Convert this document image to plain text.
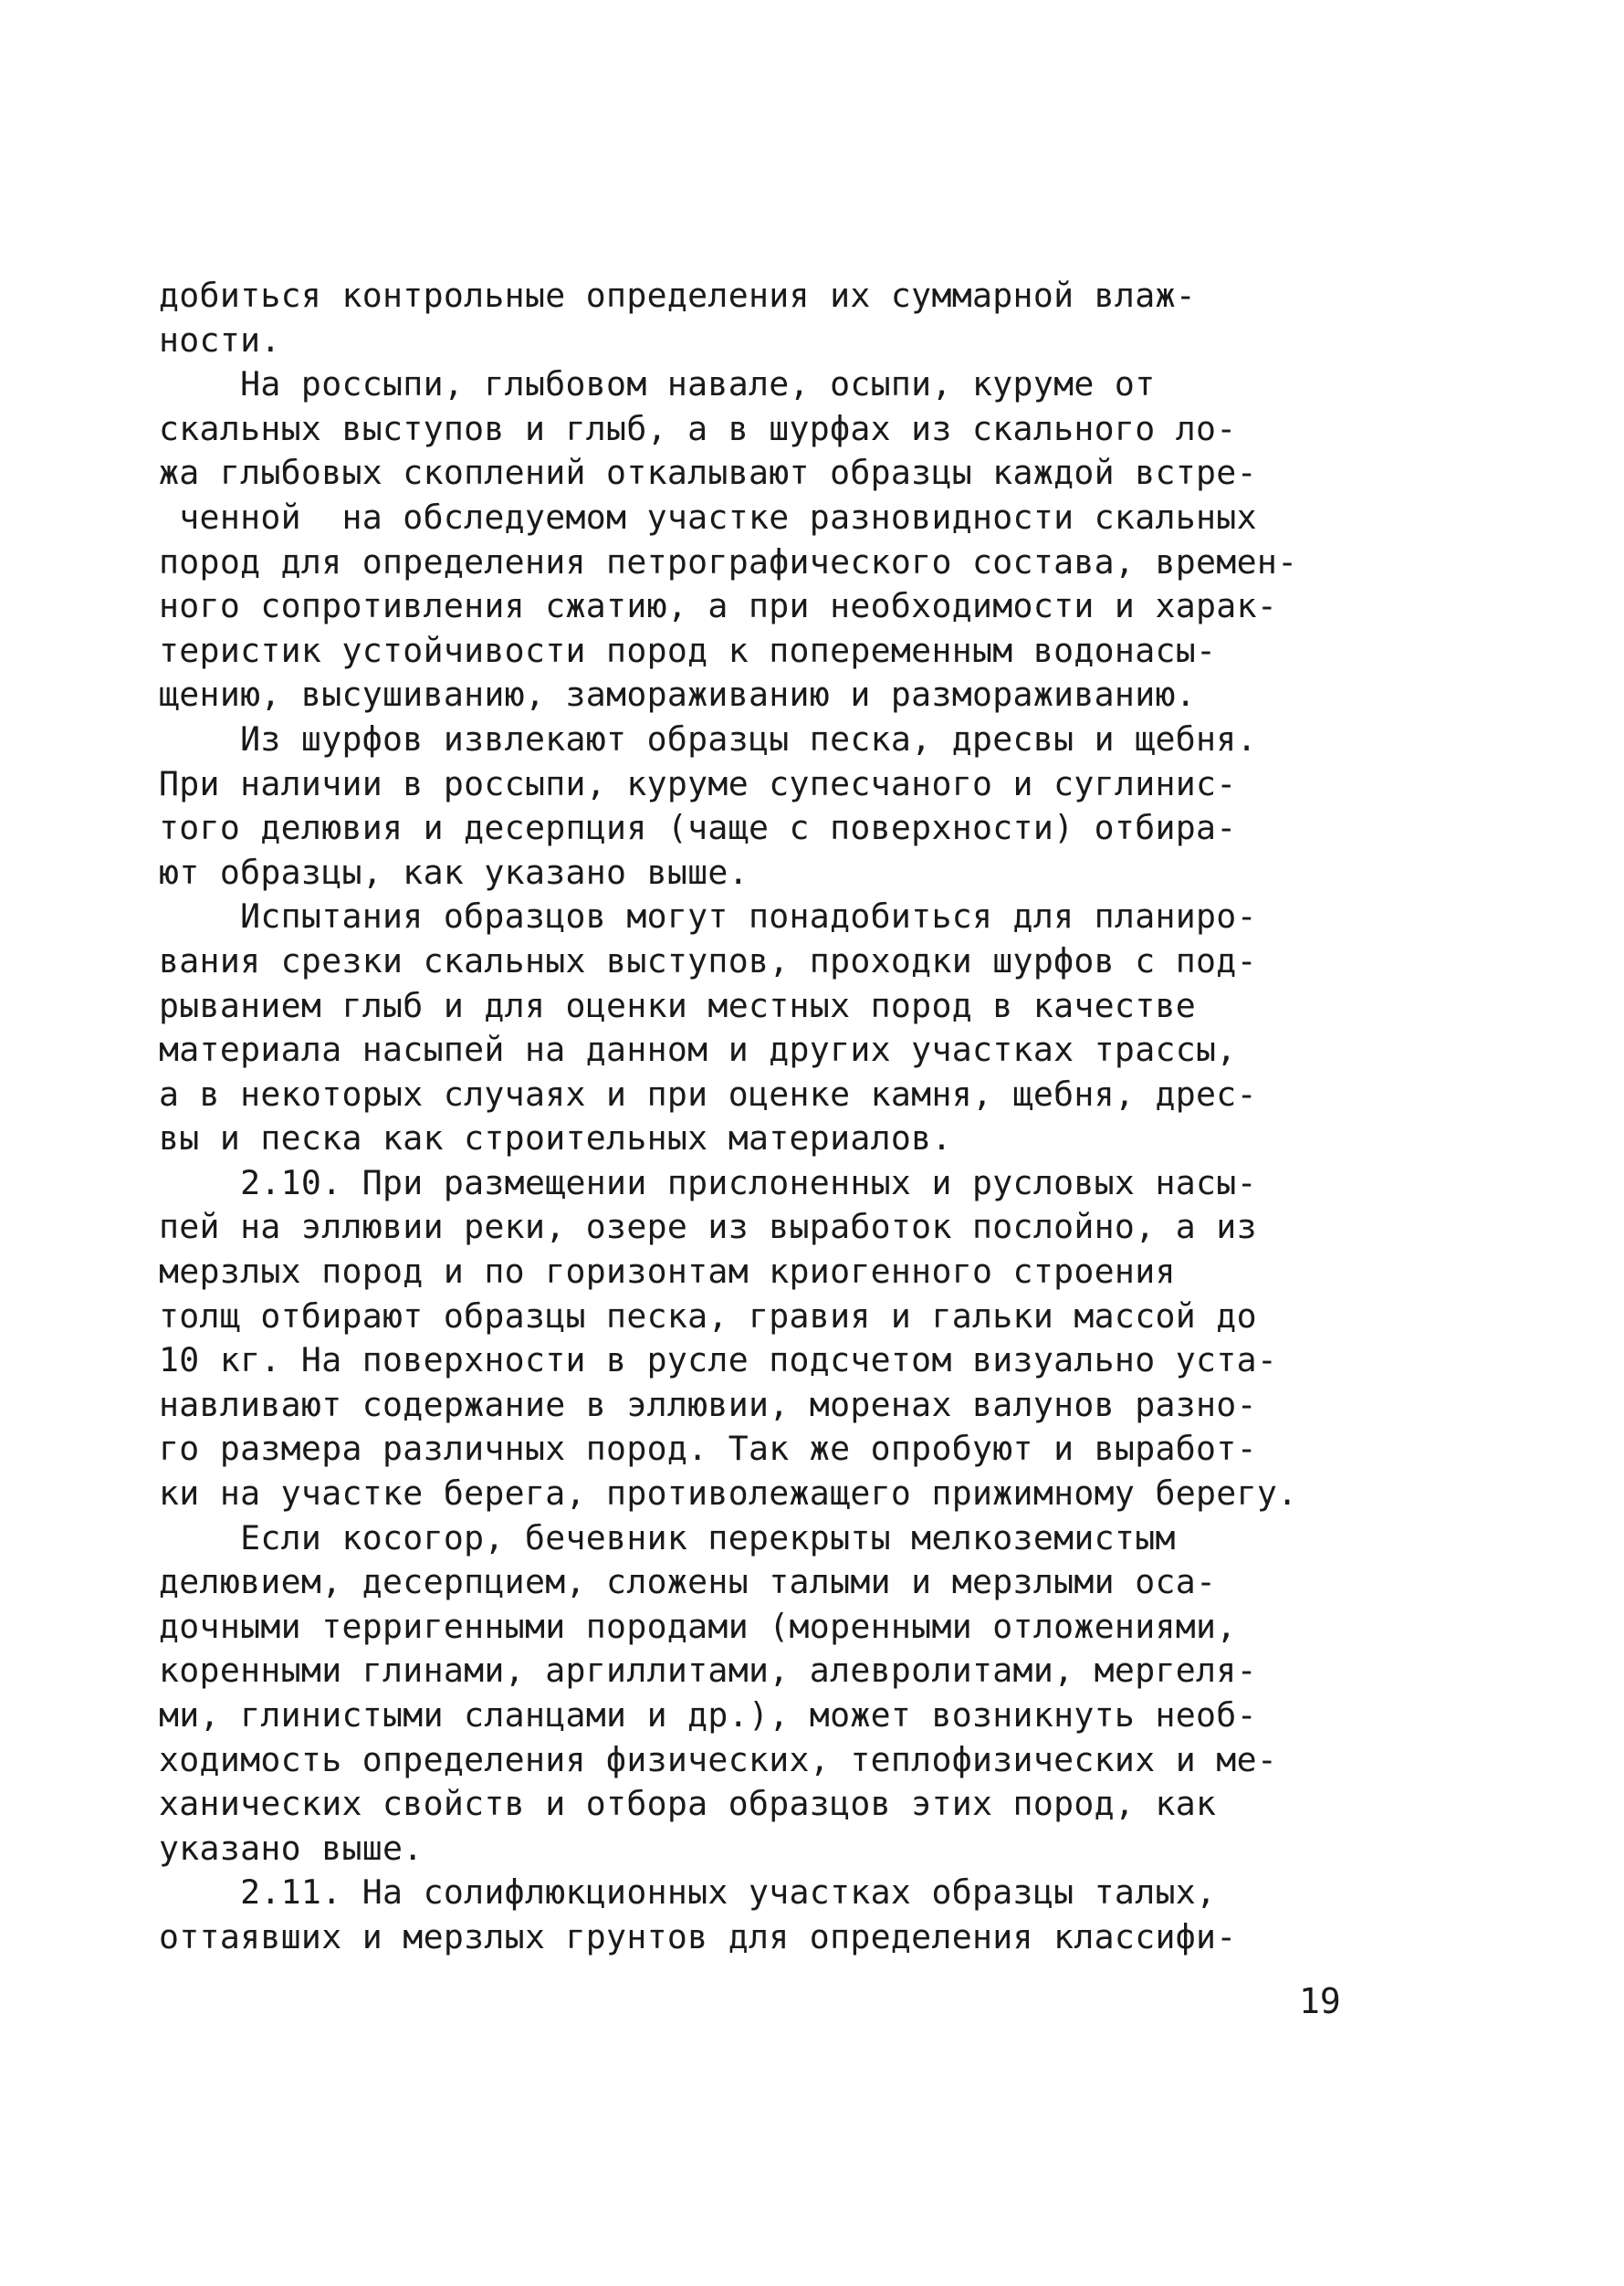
добиться контрольные определения их суммарной влаж-
ности.
На россыпи, глыбовом навале, осыпи, куруме от
скальных выступов и глыб, а в шурфах из скального ло-
жа глыбовых скоплений откалывают образцы каждой встре-
ченной  на обследуемом участке разновидности скальных
пород для определения петрографического состава, времен-
ного сопротивления сжатию, а при необходимости и харак-
теристик устойчивости пород к попеременным водонасы-
щению, высушиванию, замораживанию и размораживанию.
Из шурфов извлекают образцы песка, дресвы и щебня.
При наличии в россыпи, куруме супесчаного и суглинис-
того делювия и десерпция (чаще с поверхности) отбира-
ют образцы, как указано выше.
Испытания образцов могут понадобиться для планиро-
вания срезки скальных выступов, проходки шурфов с под-
рыванием глыб и для оценки местных пород в качестве
материала насыпей на данном и других участках трассы,
а в некоторых случаях и при оценке камня, щебня, дрес-
вы и песка как строительных материалов.
2.10. При размещении прислоненных и русловых насы-
пей на эллювии реки, озере из выработок послойно, а из
мерзлых пород и по горизонтам криогенного строения
толщ отбирают образцы песка, гравия и гальки массой до
10 кг. На поверхности в русле подсчетом визуально уста-
навливают содержание в эллювии, моренах валунов разно-
го размера различных пород. Так же опробуют и выработ-
ки на участке берега, противолежащего прижимному берегу.
Если косогор, бечевник перекрыты мелкоземистым
делювием, десерпцием, сложены талыми и мерзлыми оса-
дочными терригенными породами (моренными отложениями,
коренными глинами, аргиллитами, алевролитами, мергеля-
ми, глинистыми сланцами и др.), может возникнуть необ-
ходимость определения физических, теплофизических и ме-
ханических свойств и отбора образцов этих пород, как
указано выше.
2.11. На солифлюкционных участках образцы талых,
оттаявших и мерзлых грунтов для определения классифи-
19
